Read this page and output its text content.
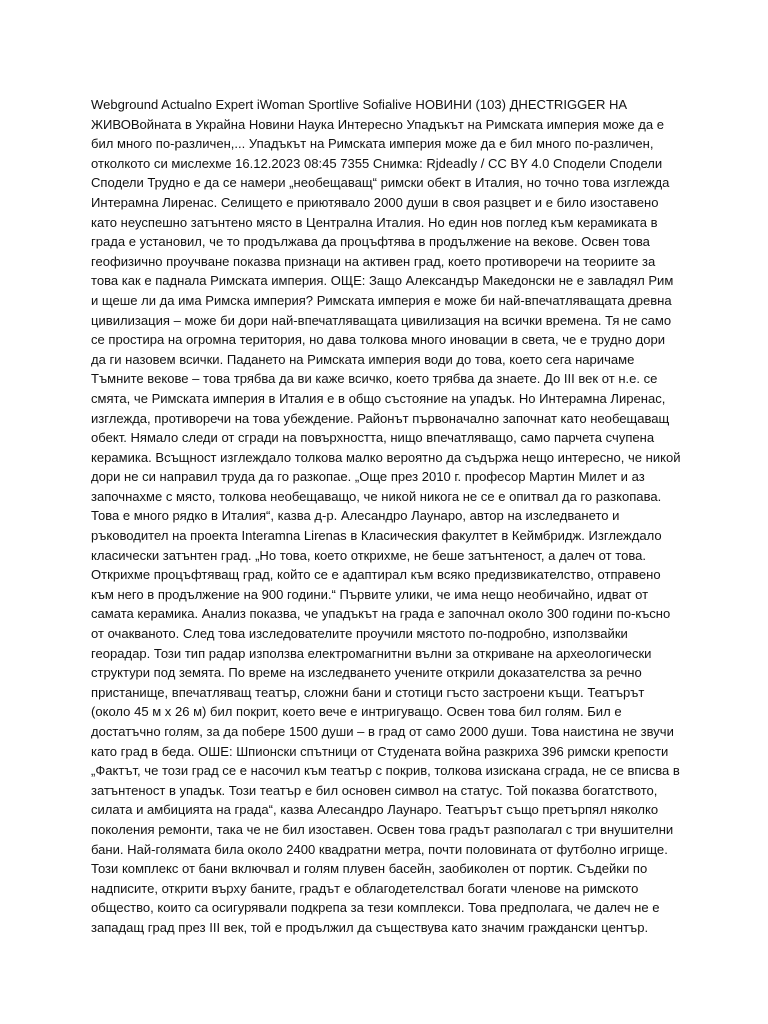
Webground Actualno Expert iWoman Sportlive Sofialive НОВИНИ (103) ДНЕСTRIGGER НА ЖИВОВойната в Украйна Новини Наука Интересно Упадъкът на Римската империя може да е бил много по-различен,... Упадъкът на Римската империя може да е бил много по-различен, отколкото си мислехме 16.12.2023 08:45 7355 Снимка: Rjdeadly / CC BY 4.0 Сподели Сподели Сподели Трудно е да се намери „необещаващ“ римски обект в Италия, но точно това изглежда Интерамна Лиренас. Селището е приютявало 2000 души в своя разцвет и е било изоставено като неуспешно затънтено място в Централна Италия. Но един нов поглед към керамиката в града е установил, че то продължава да процъфтява в продължение на векове. Освен това геофизично проучване показва признаци на активен град, което противоречи на теориите за това как е паднала Римската империя. ОЩЕ: Защо Александър Македонски не е завладял Рим и щеше ли да има Римска империя? Римската империя е може би най-впечатляващата древна цивилизация – може би дори най-впечатляващата цивилизация на всички времена. Тя не само се простира на огромна територия, но дава толкова много иновации в света, че е трудно дори да ги назовем всички. Падането на Римската империя води до това, което сега наричаме Тъмните векове – това трябва да ви каже всичко, което трябва да знаете. До III век от н.е. се смята, че Римската империя в Италия е в общо състояние на упадък. Но Интерамна Лиренас, изглежда, противоречи на това убеждение. Районът първоначално започнат като необещаващ обект. Нямало следи от сгради на повърхността, нищо впечатляващо, само парчета счупена керамика. Всъщност изглеждало толкова малко вероятно да съдържа нещо интересно, че никой дори не си направил труда да го разкопае. „Още през 2010 г. професор Мартин Милет и аз започнахме с място, толкова необещаващо, че никой никога не се е опитвал да го разкопава. Това е много рядко в Италия“, казва д-р. Алесандро Лаунаро, автор на изследването и ръководител на проекта Interamna Lirenas в Класическия факултет в Кеймбридж. Изглеждало класически затънтен град. „Но това, което открихме, не беше затънтеност, а далеч от това. Открихме процъфтяващ град, който се е адаптирал към всяко предизвикателство, отправено към него в продължение на 900 години.“ Първите улики, че има нещо необичайно, идват от самата керамика. Анализ показва, че упадъкът на града е започнал около 300 години по-късно от очакваното. След това изследователите проучили мястото по-подробно, използвайки георадар. Този тип радар използва електромагнитни вълни за откриване на археологически структури под земята. По време на изследването учените открили доказателства за речно пристанище, впечатляващ театър, сложни бани и стотици гъсто застроени къщи. Театърът (около 45 м х 26 м) бил покрит, което вече е интригуващо. Освен това бил голям. Бил е достатъчно голям, за да побере 1500 души – в град от само 2000 души. Това наистина не звучи като град в беда. ОШЕ: Шпионски спътници от Студената война разкриха 396 римски крепости „Фактът, че този град се е насочил към театър с покрив, толкова изискана сграда, не се вписва в затънтеност в упадък. Този театър е бил основен символ на статус. Той показва богатството, силата и амбицията на града“, казва Алесандро Лаунаро. Театърът също претърпял няколко поколения ремонти, така че не бил изоставен. Освен това градът разполагал с три внушителни бани. Най-голямата била около 2400 квадратни метра, почти половината от футболно игрище. Този комплекс от бани включвал и голям плувен басейн, заобиколен от портик. Съдейки по надписите, открити върху баните, градът е облагодетелствал богати членове на римското общество, които са осигурявали подкрепа за тези комплекси. Това предполага, че далеч не е западащ град през III век, той е продължил да съществува като значим граждански център.
